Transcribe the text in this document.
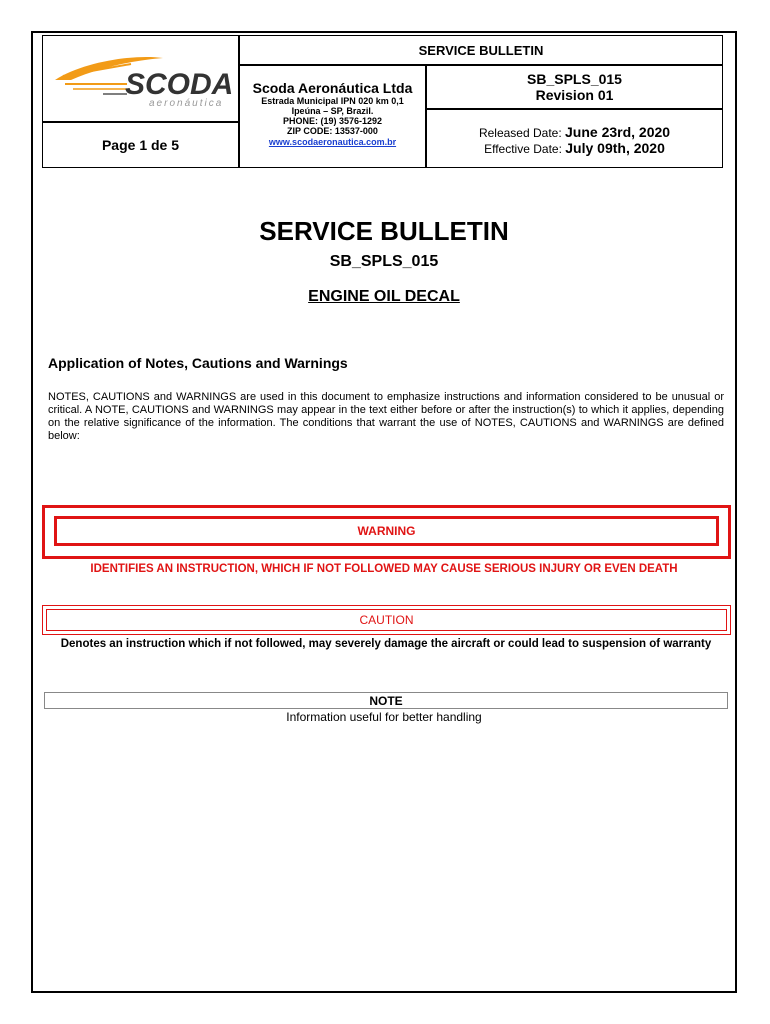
SCODA
aeronáutica
Page 1 de 5
SERVICE BULLETIN
Scoda Aeronáutica Ltda
Estrada Municipal IPN 020 km 0,1
Ipeúna – SP, Brazil.
PHONE: (19) 3576-1292
ZIP CODE: 13537-000
www.scodaeronautica.com.br
SB_SPLS_015
Revision 01
Released Date: June 23rd, 2020
Effective Date: July 09th, 2020
SERVICE BULLETIN
SB_SPLS_015
ENGINE OIL DECAL
Application of Notes, Cautions and Warnings
NOTES, CAUTIONS and WARNINGS are used in this document to emphasize instructions and information considered to be unusual or critical. A NOTE, CAUTIONS and WARNINGS may appear in the text either before or after the instruction(s) to which it applies, depending on the relative significance of the information. The conditions that warrant the use of NOTES, CAUTIONS and WARNINGS are defined below:
WARNING
IDENTIFIES AN INSTRUCTION, WHICH IF NOT FOLLOWED MAY CAUSE SERIOUS INJURY OR EVEN DEATH
CAUTION
Denotes an instruction which if not followed, may severely damage the aircraft or could lead to suspension of warranty
NOTE
Information useful for better handling
